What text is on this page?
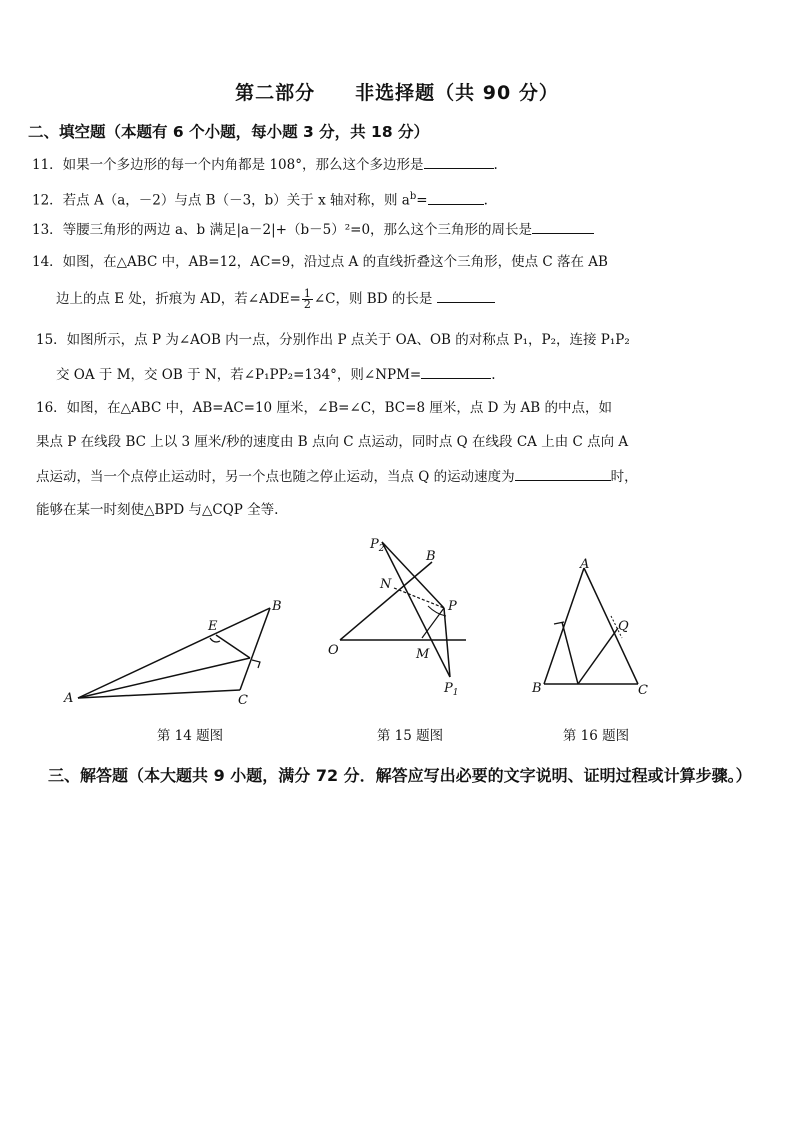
第二部分 非选择题（共 90 分）
二、填空题（本题有 6 个小题，每小题 3 分，共 18 分）
11．如果一个多边形的每一个内角都是 108°，那么这个多边形是	.
12．若点 A（a，－2）与点 B（－3，b）关于 x 轴对称，则 $a^b=$	.
13．等腰三角形的两边 a、b 满足|a－2|+（b－5）²=0，那么这个三角形的周长是
14．如图，在△ABC 中，AB=12，AC=9，沿过点 A 的直线折叠这个三角形，使点 C 落在 AB
边上的点 E 处，折痕为 AD，若∠ADE= $\frac{1}{2}$ ∠C，则 BD 的长是
15．如图所示，点 P 为∠AOB 内一点，分别作出 P 点关于 OA、OB 的对称点 P₁，P₂，连接 P₁P₂
交 OA 于 M，交 OB 于 N，若∠P₁PP₂=134°，则∠NPM=	.
16．如图，在△ABC 中，AB=AC=10 厘米，∠B=∠C，BC=8 厘米，点 D 为 AB 的中点，如
果点 P 在线段 BC 上以 3 厘米/秒的速度由 B 点向 C 点运动，同时点 Q 在线段 CA 上由 C 点向 A
点运动，当一个点停止运动时，另一个点也随之停止运动，当点 Q 的运动速度为	时，
能够在某一时刻使△BPD 与△CQP 全等.
A
B
C
E
第 14 题图
$P_2$	B
N
P
O	M
$P_1$
第 15 题图
A
Q
B	C
第 16 题图
三、解答题（本大题共 9 小题，满分 72 分．解答应写出必要的文字说明、证明过程或计算步骤。）
